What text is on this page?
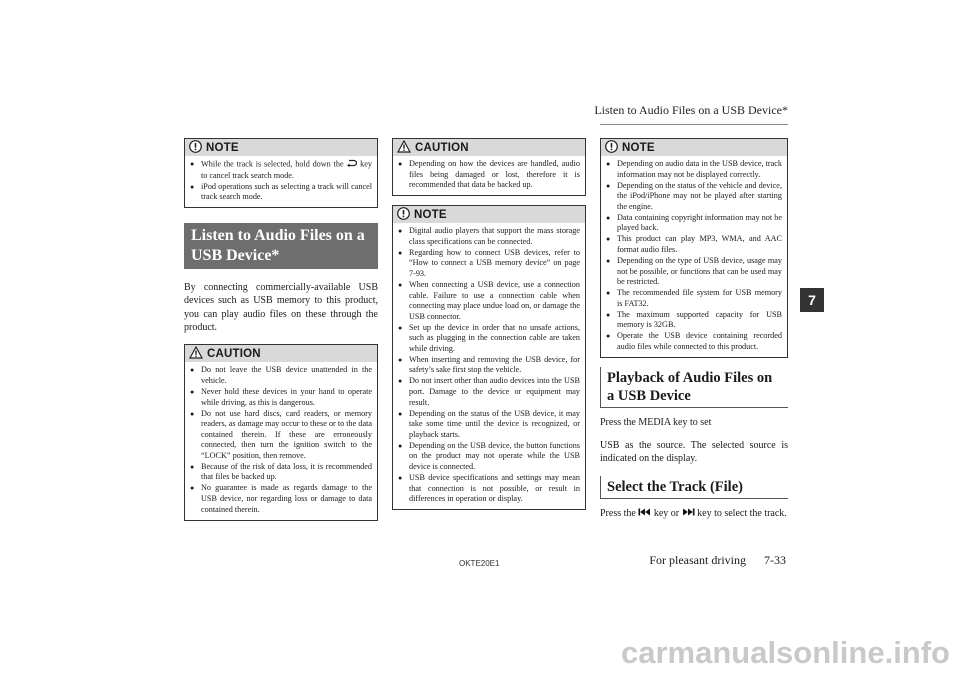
Listen to Audio Files on a USB Device*
7
NOTE
● While the track is selected, hold down the key to cancel track search mode.
● iPod operations such as selecting a track will cancel track search mode.
Listen to Audio Files on a USB Device*

By connecting commercially-available USB devices such as USB memory to this product, you can play audio files on these through the product.

CAUTION
● Do not leave the USB device unattended in the vehicle.
● Never hold these devices in your hand to operate while driving, as this is dangerous.
● Do not use hard discs, card readers, or memory readers, as damage may occur to these or to the data contained therein. If these are erroneously connected, then turn the ignition switch to the “LOCK” position, then remove.
● Because of the risk of data loss, it is recommended that files be backed up.
● No guarantee is made as regards damage to the USB device, nor regarding loss or damage to data contained therein.
CAUTION
● Depending on how the devices are handled, audio files being damaged or lost, therefore it is recommended that data be backed up.
NOTE
● Digital audio players that support the mass storage class specifications can be connected.
● Regarding how to connect USB devices, refer to “How to connect a USB memory device” on page 7-93.
● When connecting a USB device, use a connection cable. Failure to use a connection cable when connecting may place undue load on, or damage the USB connector.
● Set up the device in order that no unsafe actions, such as plugging in the connection cable are taken while driving.
● When inserting and removing the USB device, for safety’s sake first stop the vehicle.
● Do not insert other than audio devices into the USB port. Damage to the device or equipment may result.
● Depending on the status of the USB device, it may take some time until the device is recognized, or playback starts.
● Depending on the USB device, the button functions on the product may not operate while the USB device is connected.
● USB device specifications and settings may mean that connection is not possible, or result in differences in operation or display.
NOTE
● Depending on audio data in the USB device, track information may not be displayed correctly.
● Depending on the status of the vehicle and device, the iPod/iPhone may not be played after starting the engine.
● Data containing copyright information may not be played back.
● This product can play MP3, WMA, and AAC format audio files.
● Depending on the type of USB device, usage may not be possible, or functions that can be used may be restricted.
● The recommended file system for USB memory is FAT32.
● The maximum supported capacity for USB memory is 32GB.
● Operate the USB device containing recorded audio files while connected to this product.
Playback of Audio Files on a USB Device

Press the MEDIA key to set

USB as the source. The selected source is indicated on the display.

Select the Track (File)

Press the key or key to select the track.

OKTE20E1	For pleasant driving 7-33
carmanualsonline.info
